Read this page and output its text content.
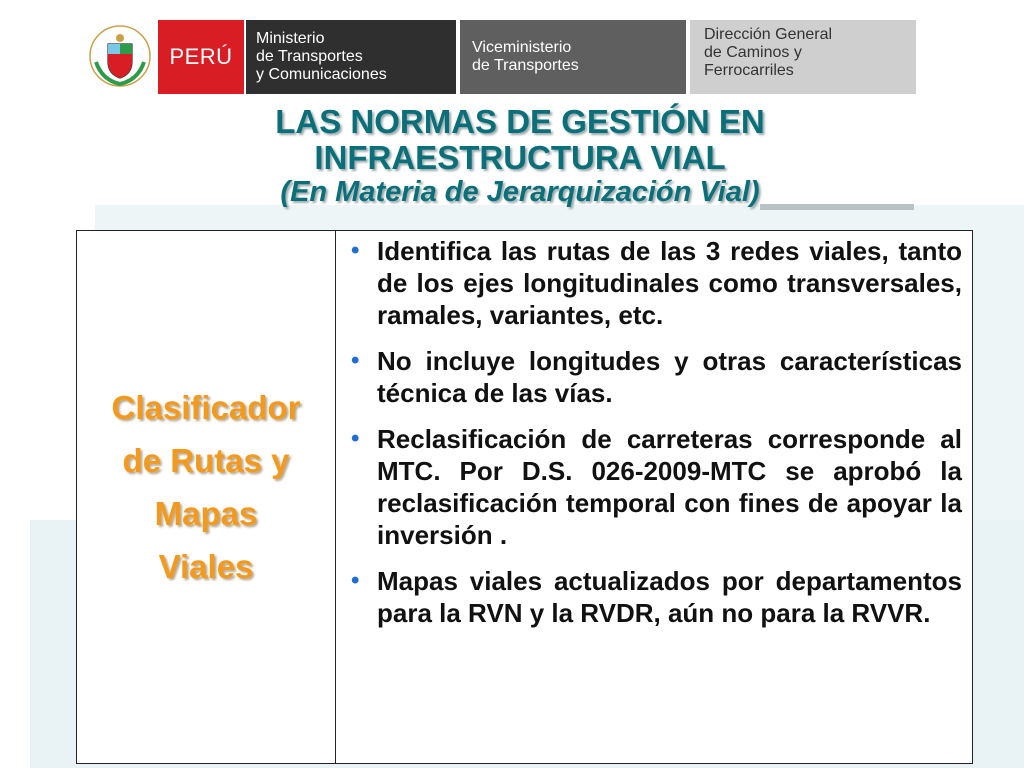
PERÚ
Ministerio
de Transportes
y Comunicaciones
Viceministerio
de Transportes
Dirección General
de Caminos y
Ferrocarriles
LAS NORMAS DE GESTIÓN EN
INFRAESTRUCTURA VIAL
(En Materia de Jerarquización Vial)
Clasificador
de Rutas y
Mapas
Viales
• Identifica las rutas de las 3 redes viales, tanto de los ejes longitudinales como transversales, ramales, variantes, etc.
• No incluye longitudes y otras características técnica de las vías.
• Reclasificación de carreteras corresponde al MTC. Por D.S. 026-2009-MTC se aprobó la reclasificación temporal con fines de apoyar la inversión .
• Mapas viales actualizados por departamentos para la RVN y la RVDR, aún no para la RVVR.
